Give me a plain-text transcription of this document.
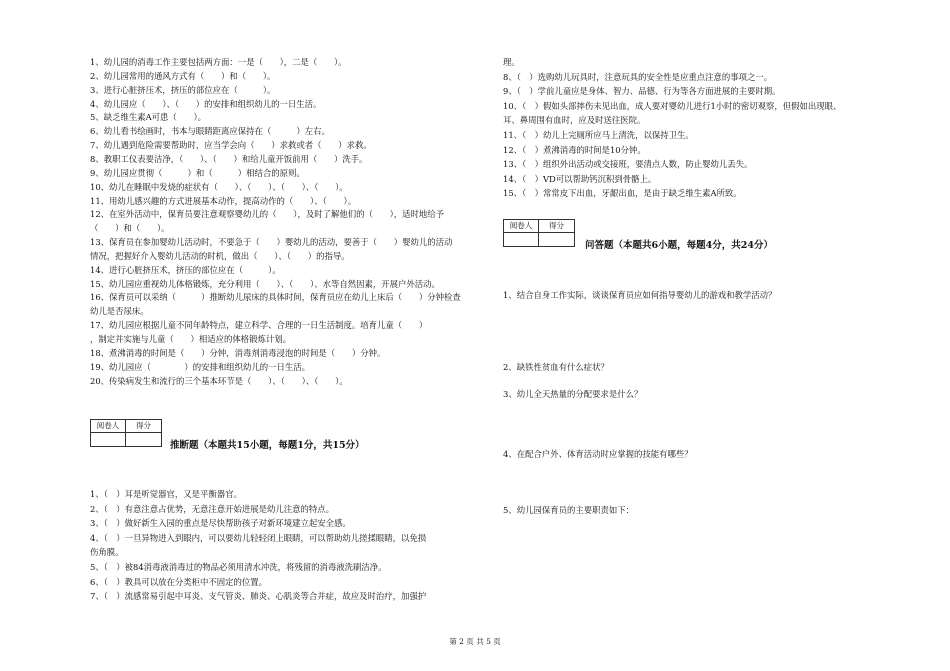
1、幼儿园的消毒工作主要包括两方面：一是（　　），二是（　　）。
2、幼儿园常用的通风方式有（　　）和（　　）。
3、进行心脏挤压术，挤压的部位应在（　　　）。
4、幼儿园应（　　）、（　　）的安排和组织幼儿的一日生活。
5、缺乏维生素A可患（　　）。
6、幼儿看书绘画时，书本与眼睛距离应保持在（　　　）左右。
7、幼儿遇到危险需要帮助时，应当学会向（　　）求救或者（　　）求救。
8、教职工仪表要洁净，（　　）、（　　）和给儿童开饭前用（　　）洗手。
9、幼儿园应贯彻（　　　）和（　　　）相结合的原则。
10、幼儿在睡眠中发烧的症状有（　　）、（　　）、（　　）、（　　）。
11、用幼儿感兴趣的方式进展基本动作，提高动作的（　　）、（　　）。
12、在室外活动中，保育员要注意观察婴幼儿的（　　），及时了解他们的（　　），适时地给予
（　　）和（　　）。
13、保育员在参加婴幼儿活动时，不要急于（　　）婴幼儿的活动，要善于（　　）婴幼儿的活动
情况，把握好介入婴幼儿活动的时机，做出（　　）、（　　）的指导。
14、进行心脏挤压术，挤压的部位应在（　　　）。
15、幼儿园应重视幼儿体格锻炼，充分利用（　　）、（　　）、水等自然因素，开展户外活动。
16、保育员可以采纳（　　　）推断幼儿尿床的具体时间，保育员应在幼儿上床后（　　）分钟检查
幼儿是否尿床。
17、幼儿园应根据儿童不同年龄特点，建立科学、合理的一日生活制度。培育儿童（　　）
，制定并实施与儿童（　　）相适应的体格锻炼计划。
18、煮沸消毒的时间是（　　）分钟，消毒剂消毒浸泡的时间是（　　）分钟。
19、幼儿园应（　　　　）的安排和组织幼儿的一日生活。
20、传染病发生和流行的三个基本环节是（　　）、（　　）、（　　）。
阅卷人	得分
推断题（本题共15小题，每题1分，共15分）
1、（　）耳是听觉器官，又是平衡器官。
2、（　）有意注意占优势，无意注意开始进展是幼儿注意的特点。
3、（　）做好新生入园的重点是尽快帮助孩子对新环境建立起安全感。
4、（　）一旦异物进入到眼内，可以要幼儿轻轻闭上眼睛，可以帮助幼儿搓揉眼睛，以免损
伤角膜。
5、（　）被84消毒液消毒过的物品必须用清水冲洗，将残留的消毒液洗刷洁净。
6、（　）教具可以放在分类柜中不固定的位置。
7、（　）流感常易引起中耳炎、支气管炎、肺炎、心肌炎等合并症，故应及时治疗，加强护
理。
8、（　）选购幼儿玩具时，注意玩具的安全性是应重点注意的事项之一。
9、（　）学前儿童应是身体、智力、品德、行为等各方面进展的主要时期。
10、（　）假如头部摔伤未见出血，成人要对婴幼儿进行1小时的密切观察，但假如出现眼、
耳、鼻周围有血时，应及时送往医院。
11、（　）幼儿上完厕所应马上清洗，以保持卫生。
12、（　）煮沸消毒的时间是10分钟。
13、（　）组织外出活动或交接班，要清点人数，防止婴幼儿丢失。
14、（　）VD可以帮助钙沉积到骨骼上。
15、（　）常常皮下出血，牙龈出血，是由于缺乏维生素A所致。
阅卷人	得分
问答题（本题共6小题，每题4分，共24分）
1、结合自身工作实际，谈谈保育员应如何指导婴幼儿的游戏和教学活动？
2、缺铁性贫血有什么症状？
3、幼儿全天热量的分配要求是什么？
4、在配合户外、体育活动时应掌握的技能有哪些？
5、幼儿园保育员的主要职责如下：
第 2 页 共 5 页
